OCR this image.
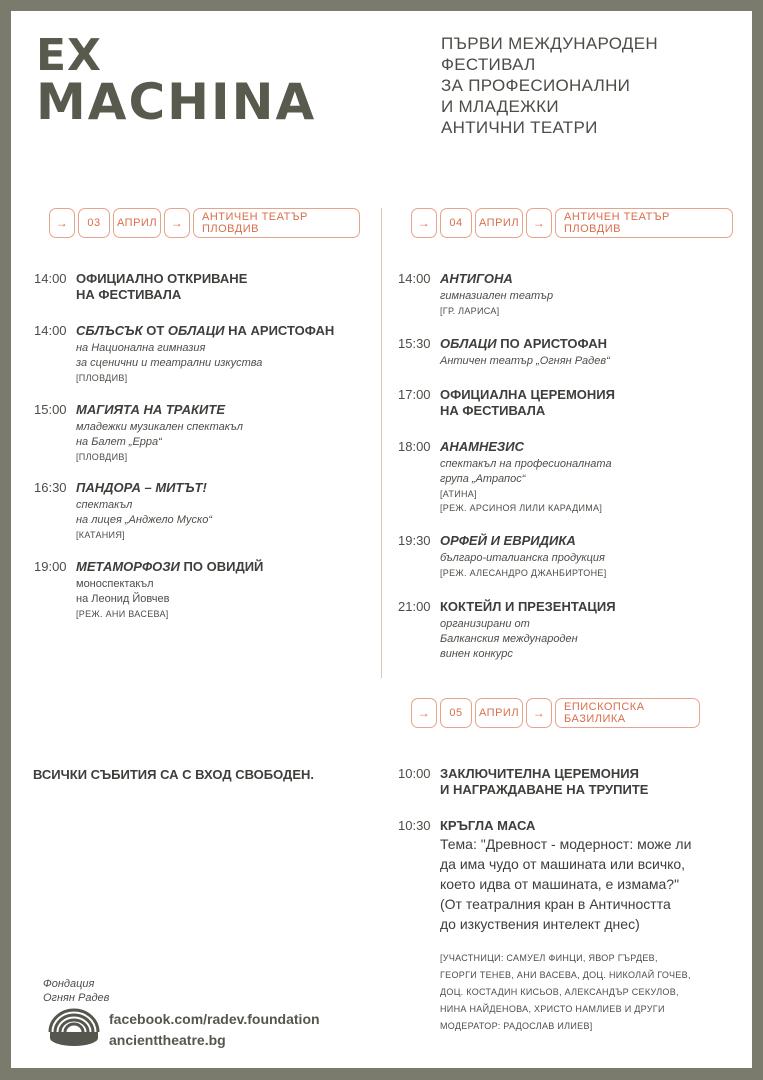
EX
MACHINA
ПЪРВИ МЕЖДУНАРОДЕН
ФЕСТИВАЛ
ЗА ПРОФЕСИОНАЛНИ
И МЛАДЕЖКИ
АНТИЧНИ ТЕАТРИ
→	03	АПРИЛ	→	АНТИЧЕН ТЕАТЪР ПЛОВДИВ	→	04	АПРИЛ	→	АНТИЧЕН ТЕАТЪР ПЛОВДИВ
14:00 ОФИЦИАЛНО ОТКРИВАНЕ
НА ФЕСТИВАЛА
14:00 СБЛЪСЪК ОТ ОБЛАЦИ НА АРИСТОФАН
на Национална гимназия
за сценични и театрални изкуства
[ПЛОВДИВ]
15:00 МАГИЯТА НА ТРАКИТЕ
младежки музикален спектакъл
на Балет „Ерра“
[ПЛОВДИВ]
16:30 ПАНДОРА – МИТЪТ!
спектакъл
на лицея „Анджело Муско“
[КАТАНИЯ]
19:00 МЕТАМОРФОЗИ ПО ОВИДИЙ
моноспектакъл
на Леонид Йовчев
[РЕЖ. АНИ ВАСЕВА]
14:00 АНТИГОНА
гимназиален театър
[ГР. ЛАРИСА]
15:30 ОБЛАЦИ ПО АРИСТОФАН
Античен театър „Огнян Радев“
17:00 ОФИЦИАЛНА ЦЕРЕМОНИЯ
НА ФЕСТИВАЛА
18:00 АНАМНЕЗИС
спектакъл на професионалната
група „Атрапос“
[АТИНА]
[РЕЖ. АРСИНОЯ ЛИЛИ КАРАДИМА]
19:30 ОРФЕЙ И ЕВРИДИКА
българо-италианска продукция
[РЕЖ. АЛЕСАНДРО ДЖАНБИРТОНЕ]
21:00 КОКТЕЙЛ И ПРЕЗЕНТАЦИЯ
организирани от
Балканския международен
винен конкурс
→	05	АПРИЛ	→	ЕПИСКОПСКА БАЗИЛИКА
ВСИЧКИ СЪБИТИЯ СА С ВХОД СВОБОДЕН.	10:00 ЗАКЛЮЧИТЕЛНА ЦЕРЕМОНИЯ
И НАГРАЖДАВАНЕ НА ТРУПИТЕ
10:30 КРЪГЛА МАСА
Тема: "Древност - модерност: може ли
да има чудо от машината или всичко,
което идва от машината, е измама?"
(От театралния кран в Античността
до изкуствения интелект днес)
[УЧАСТНИЦИ: САМУЕЛ ФИНЦИ, ЯВОР ГЪРДЕВ,
ГЕОРГИ ТЕНЕВ, АНИ ВАСЕВА, ДОЦ. НИКОЛАЙ ГОЧЕВ,
ДОЦ. КОСТАДИН КИСЬОВ, АЛЕКСАНДЪР СЕКУЛОВ,
НИНА НАЙДЕНОВА, ХРИСТО НАМЛИЕВ И ДРУГИ
МОДЕРАТОР: РАДОСЛАВ ИЛИЕВ]
Фондация
Огнян Радев
facebook.com/radev.foundation
ancienttheatre.bg
